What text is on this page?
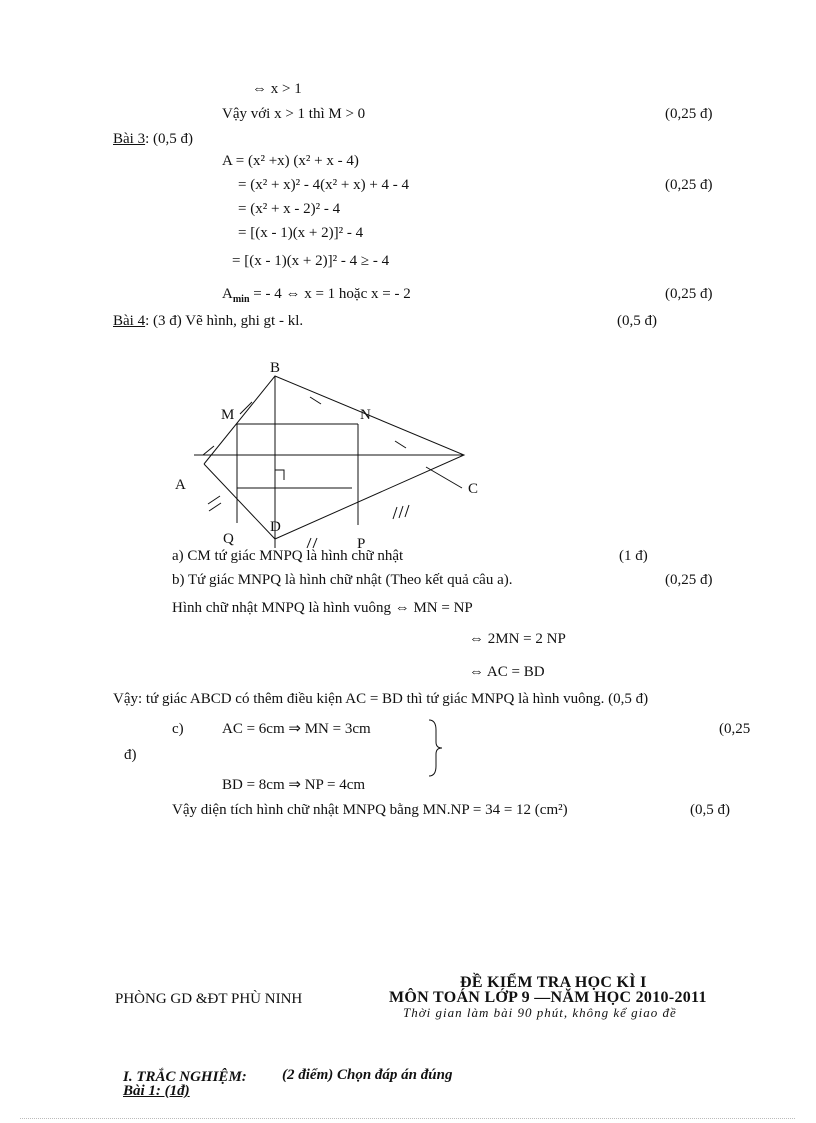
⇔ x > 1
Vậy với x > 1 thì M > 0	(0,25 đ)
Bài 3: (0,5 đ)
A = (x² +x) (x² + x - 4)
= (x² + x)² - 4(x² + x) + 4 - 4	(0,25 đ)
= (x² + x - 2)² - 4
= [(x - 1)(x + 2)]² - 4
= [(x - 1)(x + 2)]² - 4 ≥ - 4
$A_{min}$ = - 4 ⇔ x = 1 hoặc x = - 2	(0,25 đ)
Bài 4: (3 đ) Vẽ hình, ghi gt - kl.	(0,5 đ)
B
M	N
A	C
Q
D
P
a) CM tứ giác MNPQ là hình chữ nhật	(1 đ)
b) Tứ giác MNPQ là hình chữ nhật (Theo kết quả câu a).	(0,25 đ)
Hình chữ nhật MNPQ là hình vuông ⇔ MN = NP
⇔ 2MN = 2 NP
⇔ AC = BD
Vậy: tứ giác ABCD có thêm điều kiện AC = BD thì tứ giác MNPQ là hình vuông. (0,5 đ)
c)	AC = 6cm ⇒ MN = 3cm	(0,25
đ)
BD = 8cm ⇒ NP = 4cm
Vậy diện tích hình chữ nhật MNPQ bằng MN.NP = 34 = 12 (cm²)	(0,5 đ)
ĐỀ KIỂM TRA HỌC KÌ I
PHÒNG GD &ĐT PHÙ NINH	MÔN TOÁN LỚP 9 —NĂM HỌC 2010-2011
Thời gian làm bài 90 phút, không kể giao đề
I. TRẮC NGHIỆM: (2 điểm) Chọn đáp án đúng
Bài 1: (1đ)
